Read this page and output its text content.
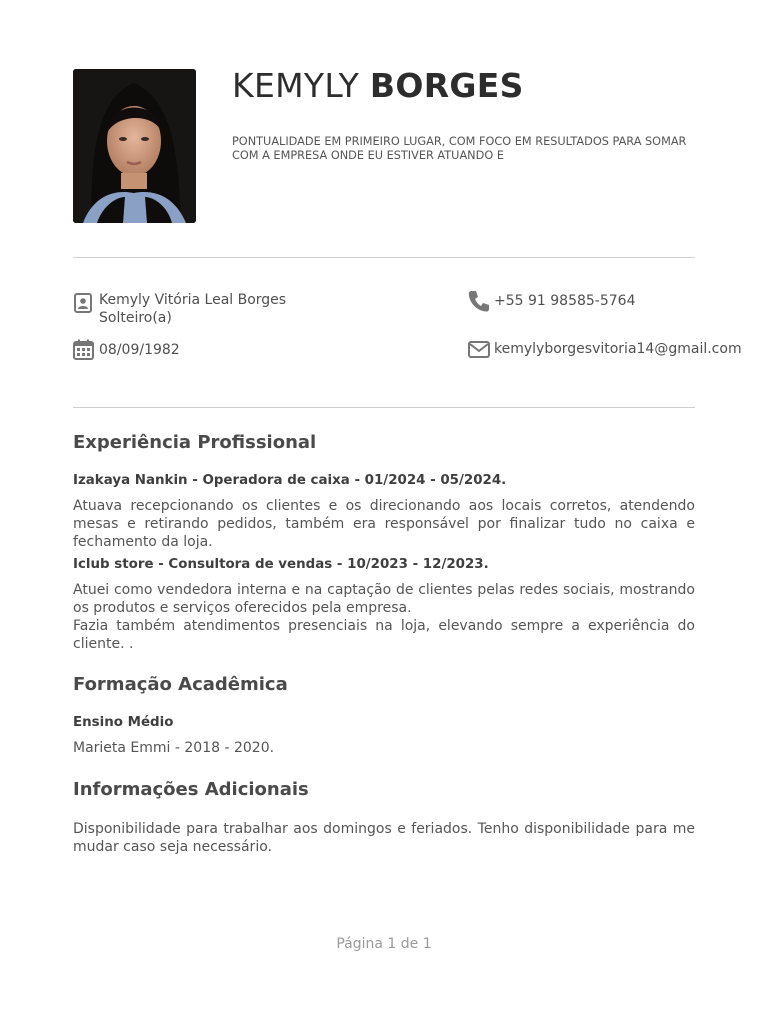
KEMYLY BORGES

PONTUALIDADE EM PRIMEIRO LUGAR, COM FOCO EM RESULTADOS PARA SOMAR COM A EMPRESA ONDE EU ESTIVER ATUANDO E

Kemyly Vitória Leal Borges
Solteiro(a)
08/09/1982
+55 91 98585-5764
kemylyborgesvitoria14@gmail.com
Experiência Profissional
Izakaya Nankin - Operadora de caixa - 01/2024 - 05/2024.

Atuava recepcionando os clientes e os direcionando aos locais corretos, atendendo mesas e retirando pedidos, também era responsável por finalizar tudo no caixa e fechamento da loja.

Iclub store - Consultora de vendas - 10/2023 - 12/2023.

Atuei como vendedora interna e na captação de clientes pelas redes sociais, mostrando os produtos e serviços oferecidos pela empresa.
Fazia também atendimentos presenciais na loja, elevando sempre a experiência do cliente. .

Formação Acadêmica
Ensino Médio

Marieta Emmi - 2018 - 2020.

Informações Adicionais

Disponibilidade para trabalhar aos domingos e feriados. Tenho disponibilidade para me mudar caso seja necessário.

Página 1 de 1
